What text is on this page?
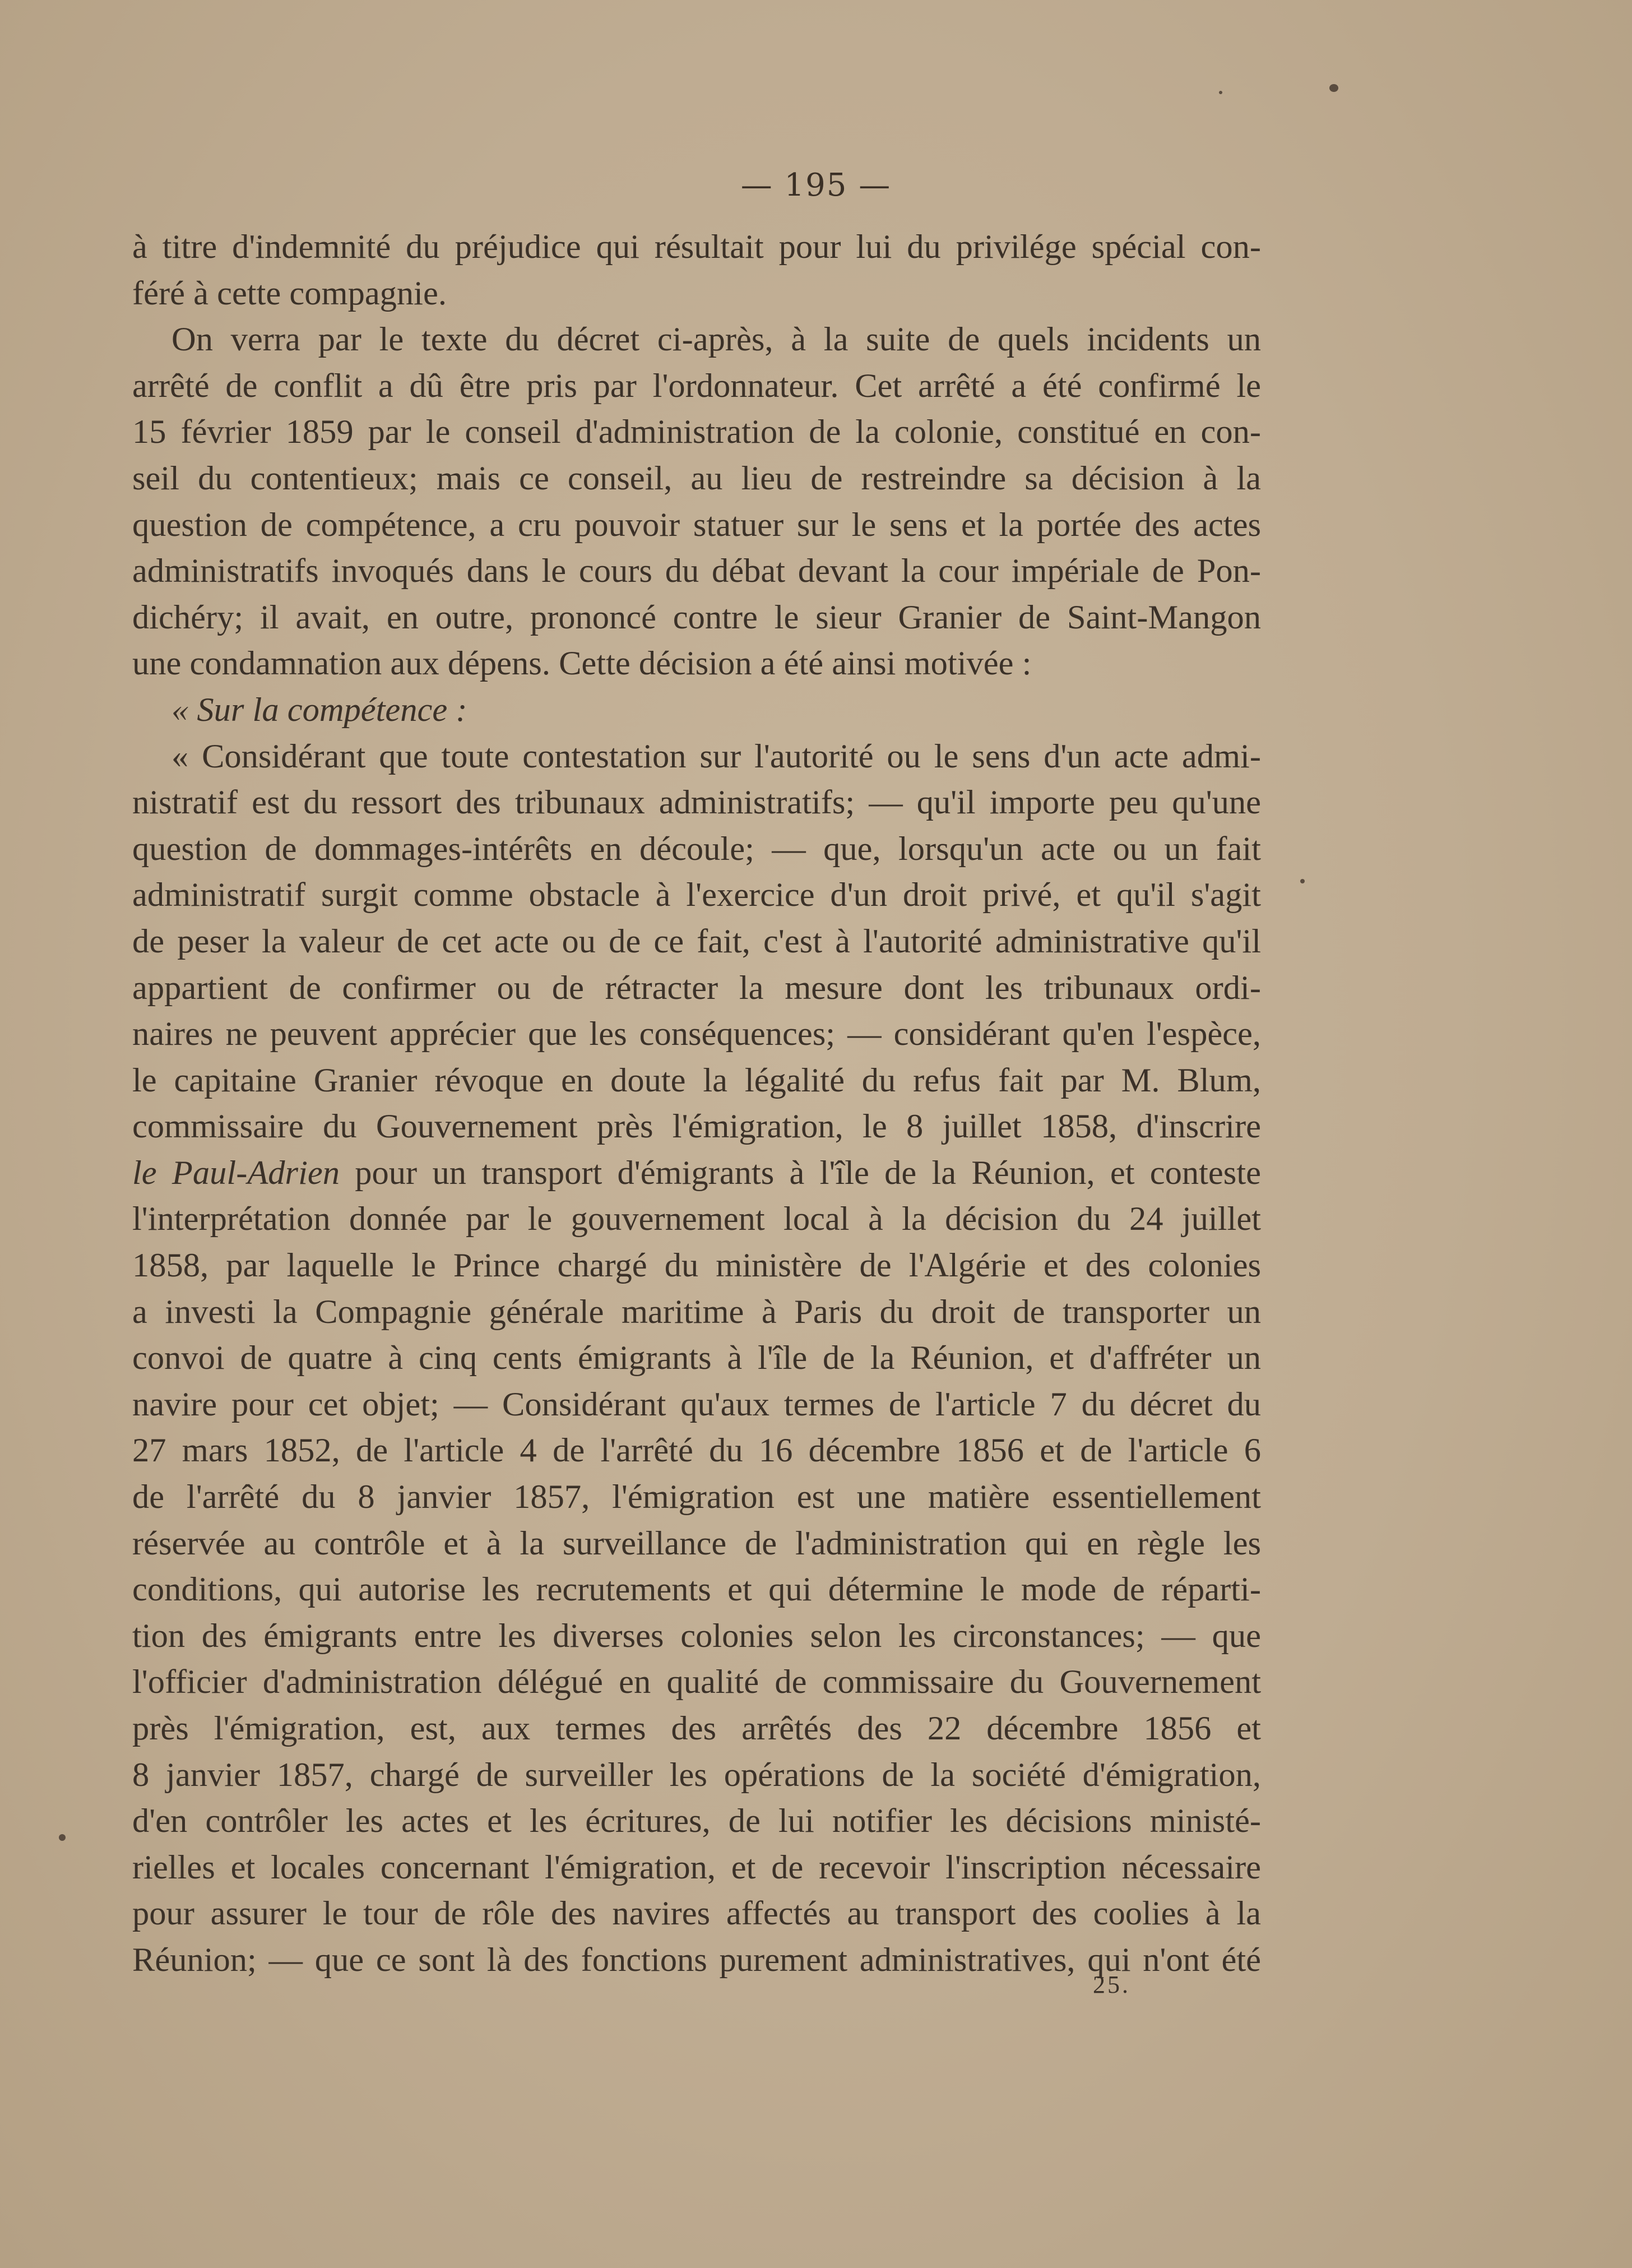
— 195 —
à titre d'indemnité du préjudice qui résultait pour lui du privilége spécial con-
féré à cette compagnie.
On verra par le texte du décret ci-après, à la suite de quels incidents un
arrêté de conflit a dû être pris par l'ordonnateur. Cet arrêté a été confirmé le
15 février 1859 par le conseil d'administration de la colonie, constitué en con-
seil du contentieux; mais ce conseil, au lieu de restreindre sa décision à la
question de compétence, a cru pouvoir statuer sur le sens et la portée des actes
administratifs invoqués dans le cours du débat devant la cour impériale de Pon-
dichéry; il avait, en outre, prononcé contre le sieur Granier de Saint-Mangon
une condamnation aux dépens. Cette décision a été ainsi motivée :
« Sur la compétence :
« Considérant que toute contestation sur l'autorité ou le sens d'un acte admi-
nistratif est du ressort des tribunaux administratifs; — qu'il importe peu qu'une
question de dommages-intérêts en découle; — que, lorsqu'un acte ou un fait
administratif surgit comme obstacle à l'exercice d'un droit privé, et qu'il s'agit
de peser la valeur de cet acte ou de ce fait, c'est à l'autorité administrative qu'il
appartient de confirmer ou de rétracter la mesure dont les tribunaux ordi-
naires ne peuvent apprécier que les conséquences; — considérant qu'en l'espèce,
le capitaine Granier révoque en doute la légalité du refus fait par M. Blum,
commissaire du Gouvernement près l'émigration, le 8 juillet 1858, d'inscrire
le Paul-Adrien pour un transport d'émigrants à l'île de la Réunion, et conteste
l'interprétation donnée par le gouvernement local à la décision du 24 juillet
1858, par laquelle le Prince chargé du ministère de l'Algérie et des colonies
a investi la Compagnie générale maritime à Paris du droit de transporter un
convoi de quatre à cinq cents émigrants à l'île de la Réunion, et d'affréter un
navire pour cet objet; — Considérant qu'aux termes de l'article 7 du décret du
27 mars 1852, de l'article 4 de l'arrêté du 16 décembre 1856 et de l'article 6
de l'arrêté du 8 janvier 1857, l'émigration est une matière essentiellement
réservée au contrôle et à la surveillance de l'administration qui en règle les
conditions, qui autorise les recrutements et qui détermine le mode de réparti-
tion des émigrants entre les diverses colonies selon les circonstances; — que
l'officier d'administration délégué en qualité de commissaire du Gouvernement
près l'émigration, est, aux termes des arrêtés des 22 décembre 1856 et
8 janvier 1857, chargé de surveiller les opérations de la société d'émigration,
d'en contrôler les actes et les écritures, de lui notifier les décisions ministé-
rielles et locales concernant l'émigration, et de recevoir l'inscription nécessaire
pour assurer le tour de rôle des navires affectés au transport des coolies à la
Réunion; — que ce sont là des fonctions purement administratives, qui n'ont été
25.
